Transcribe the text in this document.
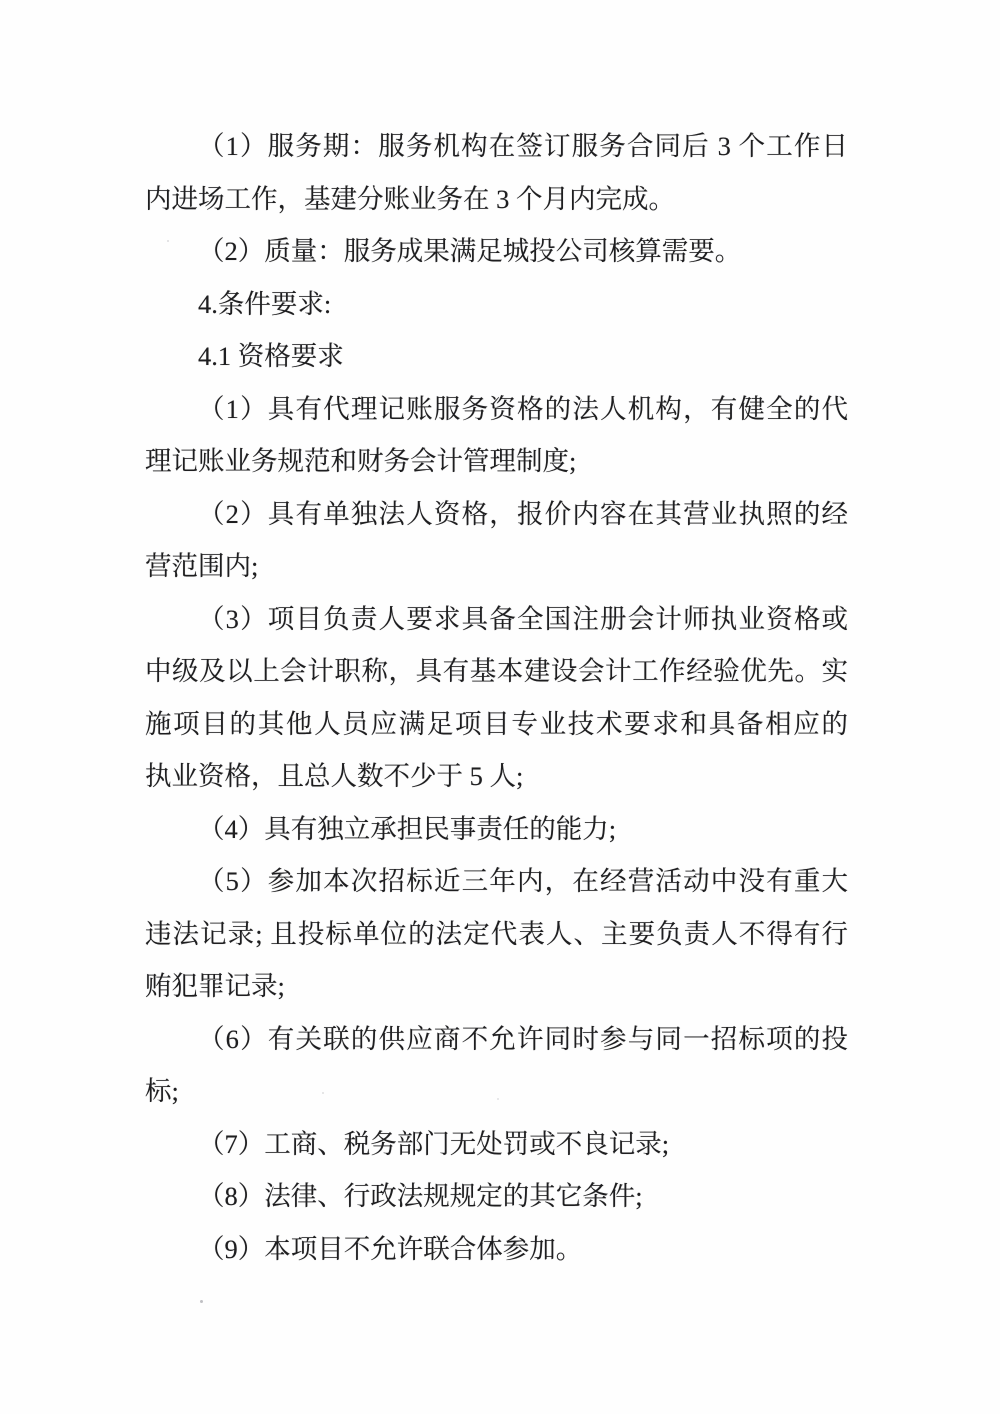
（1）服务期：服务机构在签订服务合同后 3 个工作日
内进场工作，基建分账业务在 3 个月内完成。
（2）质量：服务成果满足城投公司核算需要。
4.条件要求:
4.1 资格要求
（1）具有代理记账服务资格的法人机构，有健全的代
理记账业务规范和财务会计管理制度;
（2）具有单独法人资格，报价内容在其营业执照的经
营范围内;
（3）项目负责人要求具备全国注册会计师执业资格或
中级及以上会计职称，具有基本建设会计工作经验优先。实
施项目的其他人员应满足项目专业技术要求和具备相应的
执业资格，且总人数不少于 5 人;
（4）具有独立承担民事责任的能力;
（5）参加本次招标近三年内，在经营活动中没有重大
违法记录; 且投标单位的法定代表人、主要负责人不得有行
贿犯罪记录;
（6）有关联的供应商不允许同时参与同一招标项的投
标;
（7）工商、税务部门无处罚或不良记录;
（8）法律、行政法规规定的其它条件;
（9）本项目不允许联合体参加。
